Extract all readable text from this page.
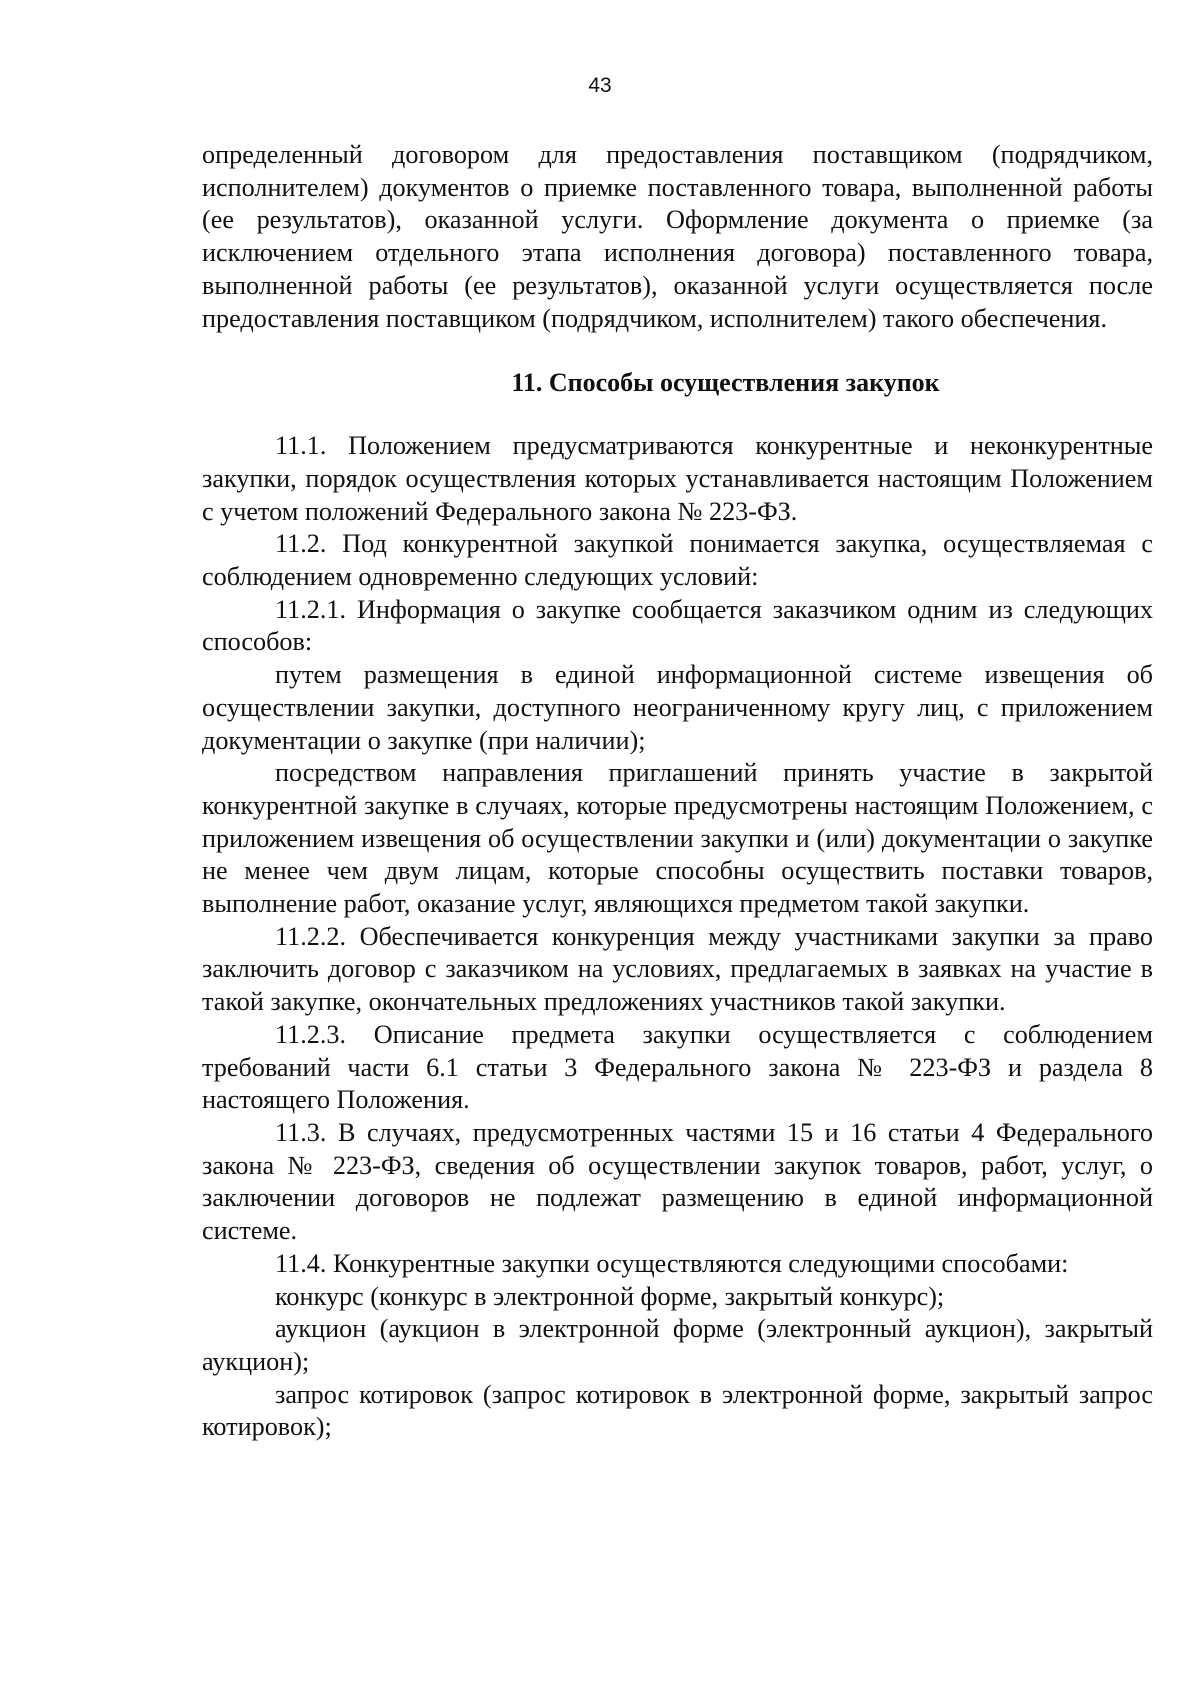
43

определенный договором для предоставления поставщиком (подрядчиком, исполнителем) документов о приемке поставленного товара, выполненной работы (ее результатов), оказанной услуги. Оформление документа о приемке (за исключением отдельного этапа исполнения договора) поставленного товара, выполненной работы (ее результатов), оказанной услуги осуществляется после предоставления поставщиком (подрядчиком, исполнителем) такого обеспечения.

11. Способы осуществления закупок

11.1. Положением предусматриваются конкурентные и неконкурентные закупки, порядок осуществления которых устанавливается настоящим Положением с учетом положений Федерального закона № 223-ФЗ.

11.2. Под конкурентной закупкой понимается закупка, осуществляемая с соблюдением одновременно следующих условий:

11.2.1. Информация о закупке сообщается заказчиком одним из следующих способов:

путем размещения в единой информационной системе извещения об осуществлении закупки, доступного неограниченному кругу лиц, с приложением документации о закупке (при наличии);

посредством направления приглашений принять участие в закрытой конкурентной закупке в случаях, которые предусмотрены настоящим Положением, с приложением извещения об осуществлении закупки и (или) документации о закупке не менее чем двум лицам, которые способны осуществить поставки товаров, выполнение работ, оказание услуг, являющихся предметом такой закупки.

11.2.2. Обеспечивается конкуренция между участниками закупки за право заключить договор с заказчиком на условиях, предлагаемых в заявках на участие в такой закупке, окончательных предложениях участников такой закупки.

11.2.3. Описание предмета закупки осуществляется с соблюдением требований части 6.1 статьи 3 Федерального закона № 223-ФЗ и раздела 8 настоящего Положения.

11.3. В случаях, предусмотренных частями 15 и 16 статьи 4 Федерального закона № 223-ФЗ, сведения об осуществлении закупок товаров, работ, услуг, о заключении договоров не подлежат размещению в единой информационной системе.

11.4. Конкурентные закупки осуществляются следующими способами:

конкурс (конкурс в электронной форме, закрытый конкурс);

аукцион (аукцион в электронной форме (электронный аукцион), закрытый аукцион);

запрос котировок (запрос котировок в электронной форме, закрытый запрос котировок);
